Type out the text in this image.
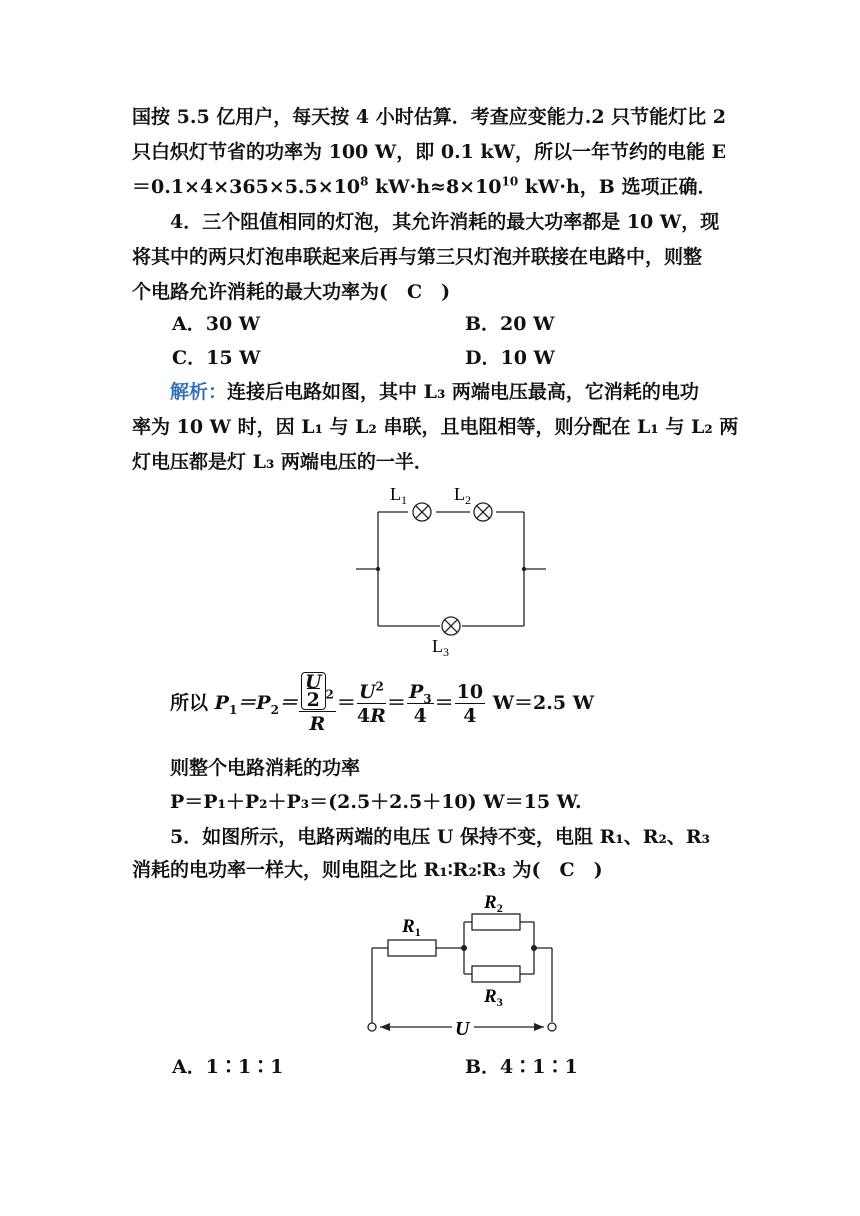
国按 5.5 亿用户，每天按 4 小时估算．考查应变能力.2 只节能灯比 2
只白炽灯节省的功率为 100 W，即 0.1 kW，所以一年节约的电能 E
$=0.1\times 4\times 365\times 5.5\times 10^8$ $kW\cdot h\approx 8\times 10^{10}$ kW·h，B 选项正确．
4．三个阻值相同的灯泡，其允许消耗的最大功率都是 10 W，现
将其中的两只灯泡串联起来后再与第三只灯泡并联接在电路中，则整
个电路允许消耗的最大功率为(　C　)
A．30 W	B．20 W
C．15 W	D．10 W
解析：连接后电路如图，其中 L₃ 两端电压最高，它消耗的电功
率为 10 W 时，因 L₁ 与 L₂ 串联，且电阻相等，则分配在 L₁ 与 L₂ 两
灯电压都是灯 L₃ 两端电压的一半．
$L_1$	$L_2$
$L_3$
所以 $P_1=P_2= \frac{U}{2}^2$
R
＝ $\frac{U^2}{4R} = \frac{P_3}{4} = \frac{10}{4} W=2.5$ W
则整个电路消耗的功率
P＝P₁＋P₂＋P₃＝(2.5＋2.5＋10) W＝15 W.
5．如图所示，电路两端的电压 U 保持不变，电阻 R₁、R₂、R₃
消耗的电功率一样大，则电阻之比 R₁∶R₂∶R₃ 为(　C　)
$R_1$
$R_2$
$R_3$
U
A．1∶1∶1	B．4∶1∶1
